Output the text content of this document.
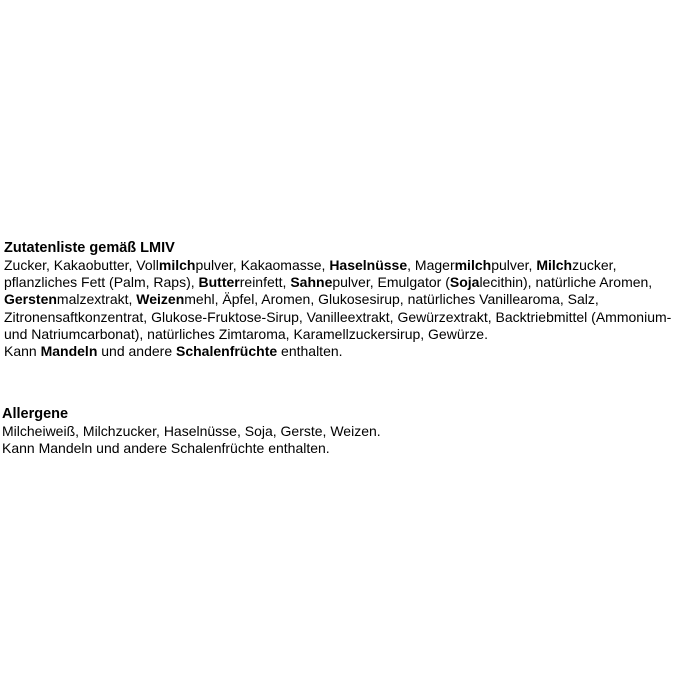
Zutatenliste gemäß LMIV
Zucker, Kakaobutter, Vollmilchpulver, Kakaomasse, Haselnüsse, Magermilchpulver, Milchzucker,
pflanzliches Fett (Palm, Raps), Butterreinfett, Sahnepulver, Emulgator (Sojalecithin), natürliche Aromen,
Gerstenmalzextrakt, Weizenmehl, Äpfel, Aromen, Glukosesirup, natürliches Vanillearoma, Salz,
Zitronensaftkonzentrat, Glukose-Fruktose-Sirup, Vanilleextrakt, Gewürzextrakt, Backtriebmittel (Ammonium-
und Natriumcarbonat), natürliches Zimtaroma, Karamellzuckersirup, Gewürze.
Kann Mandeln und andere Schalenfrüchte enthalten.
Allergene
Milcheiweiß, Milchzucker, Haselnüsse, Soja, Gerste, Weizen.
Kann Mandeln und andere Schalenfrüchte enthalten.
